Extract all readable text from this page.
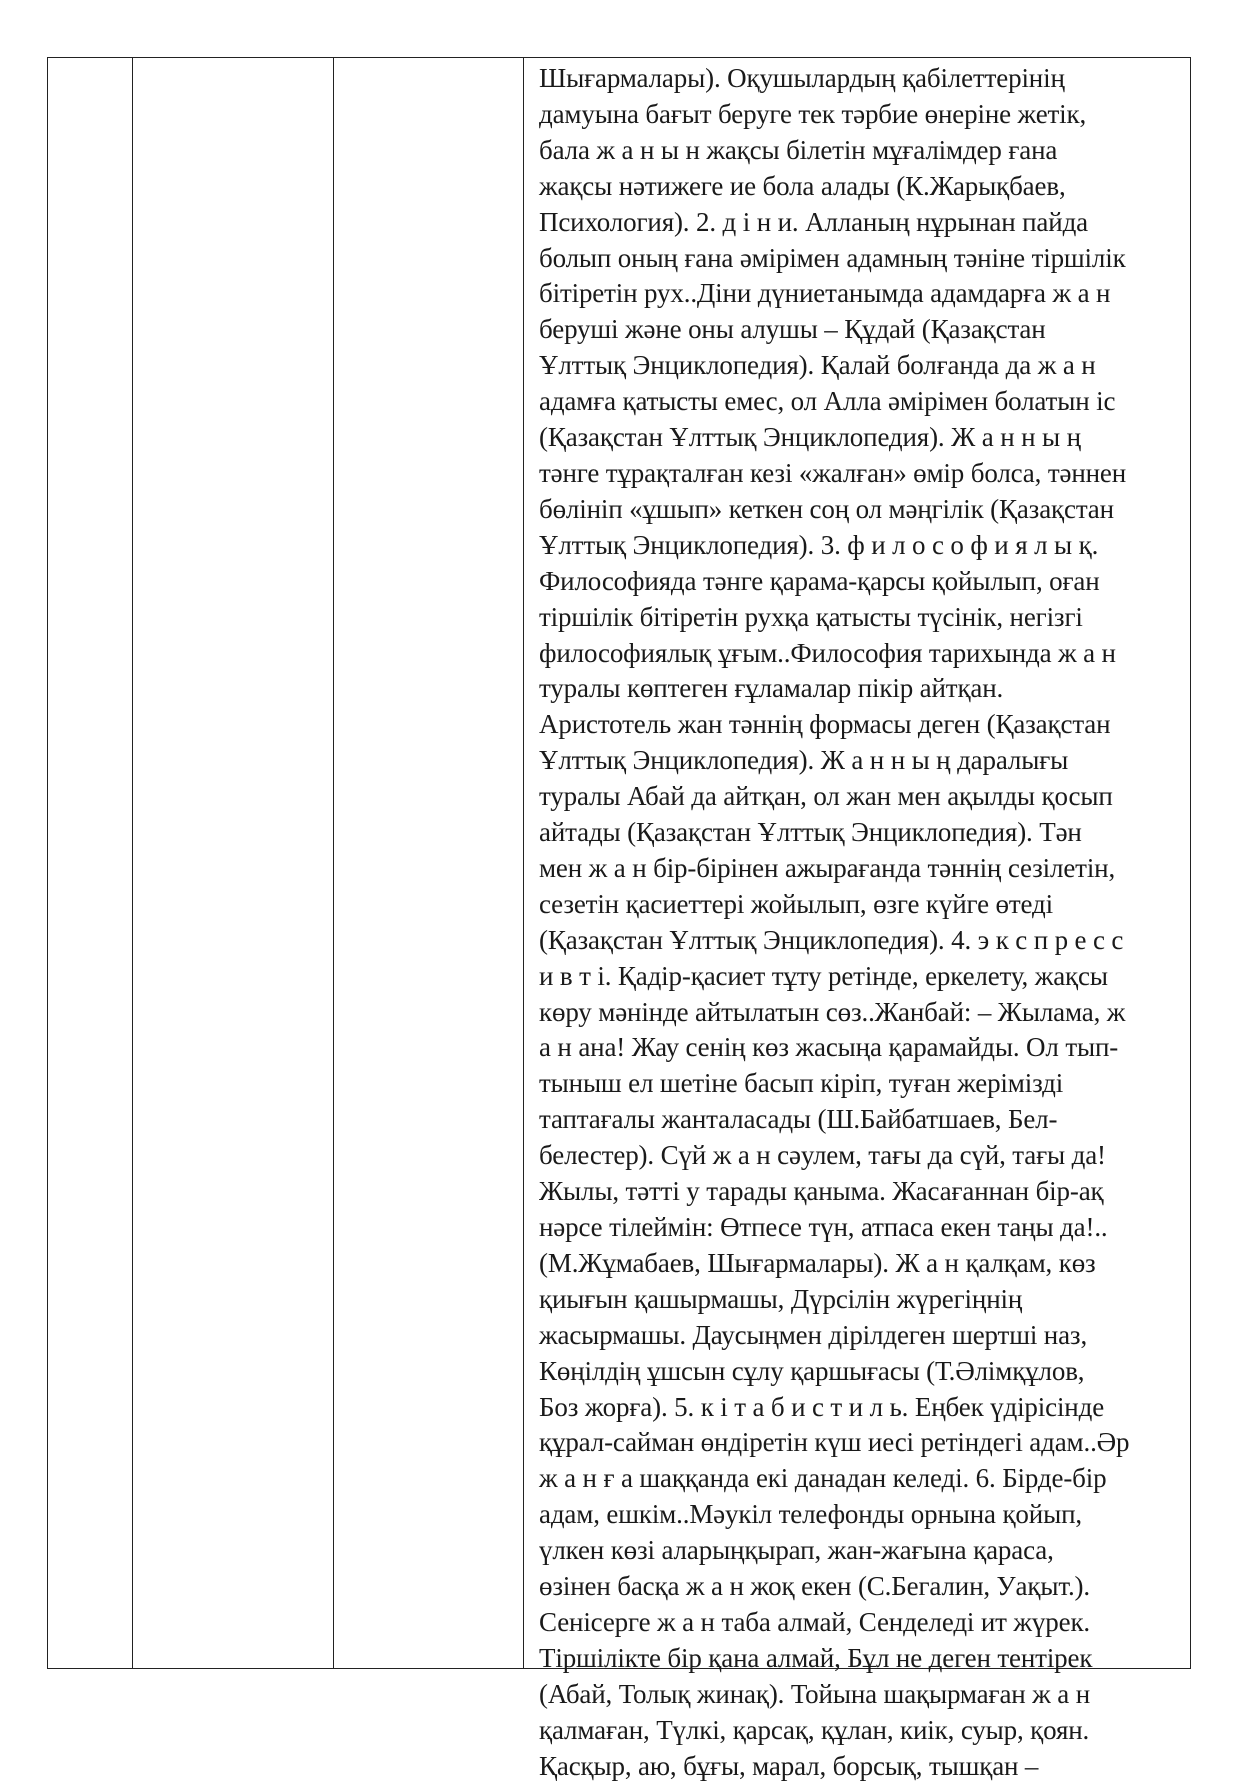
Шығармалары). Оқушылардың қабілеттерінің
дамуына бағыт беруге тек тәрбие өнеріне жетік,
бала ж а н ы н жақсы білетін мұғалімдер ғана
жақсы нәтижеге ие бола алады (К.Жарықбаев,
Психология). 2. д і н и. Алланың нұрынан пайда
болып оның ғана әмірімен адамның тәніне тіршілік
бітіретін рух..Діни дүниетанымда адамдарға ж а н
беруші және оны алушы – Құдай (Қазақстан
Ұлттық Энциклопедия). Қалай болғанда да ж а н
адамға қатысты емес, ол Алла әмірімен болатын іс
(Қазақстан Ұлттық Энциклопедия). Ж а н н ы ң
тәнге тұрақталған кезі «жалған» өмір болса, тәннен
бөлініп «ұшып» кеткен соң ол мәңгілік (Қазақстан
Ұлттық Энциклопедия). 3. ф и л о с о ф и я л ы қ.
Философияда тәнге қарама-қарсы қойылып, оған
тіршілік бітіретін рухқа қатысты түсінік, негізгі
философиялық ұғым..Философия тарихында ж а н
туралы көптеген ғұламалар пікір айтқан.
Аристотель жан тәннің формасы деген (Қазақстан
Ұлттық Энциклопедия). Ж а н н ы ң даралығы
туралы Абай да айтқан, ол жан мен ақылды қосып
айтады (Қазақстан Ұлттық Энциклопедия). Тән
мен ж а н бір-бірінен ажырағанда тәннің сезілетін,
сезетін қасиеттері жойылып, өзге күйге өтеді
(Қазақстан Ұлттық Энциклопедия). 4. э к с п р е с с
и в т і. Қадір-қасиет тұту ретінде, еркелету, жақсы
көру мәнінде айтылатын сөз..Жанбай: – Жылама, ж
а н ана! Жау сенің көз жасыңа қарамайды. Ол тып-
тыныш ел шетіне басып кіріп, туған жерімізді
таптағалы жанталасады (Ш.Байбатшаев, Бел-
белестер). Сүй ж а н сәулем, тағы да сүй, тағы да!
Жылы, тәтті у тарады қаныма. Жасағаннан бір-ақ
нәрсе тілеймін: Өтпесе түн, атпаса екен таңы да!..
(М.Жұмабаев, Шығармалары). Ж а н қалқам, көз
қиығын қашырмашы, Дүрсілін жүрегіңнің
жасырмашы. Даусыңмен дірілдеген шертші наз,
Көңілдің ұшсын сұлу қаршығасы (Т.Әлімқұлов,
Боз жорға). 5. к і т а б и с т и л ь. Еңбек үдірісінде
құрал-сайман өндіретін күш иесі ретіндегі адам..Әр
ж а н ғ а шаққанда екі данадан келеді. 6. Бірде-бір
адам, ешкім..Мәукіл телефонды орнына қойып,
үлкен көзі аларыңқырап, жан-жағына қараса,
өзінен басқа ж а н жоқ екен (С.Бегалин, Уақыт.).
Сенісерге ж а н таба алмай, Сенделеді ит жүрек.
Тіршілікте бір қана алмай, Бұл не деген тентірек
(Абай, Толық жинақ). Тойына шақырмаған ж а н
қалмаған, Түлкі, қарсақ, құлан, киік, суыр, қоян.
Қасқыр, аю, бұғы, марал, борсық, тышқан –
